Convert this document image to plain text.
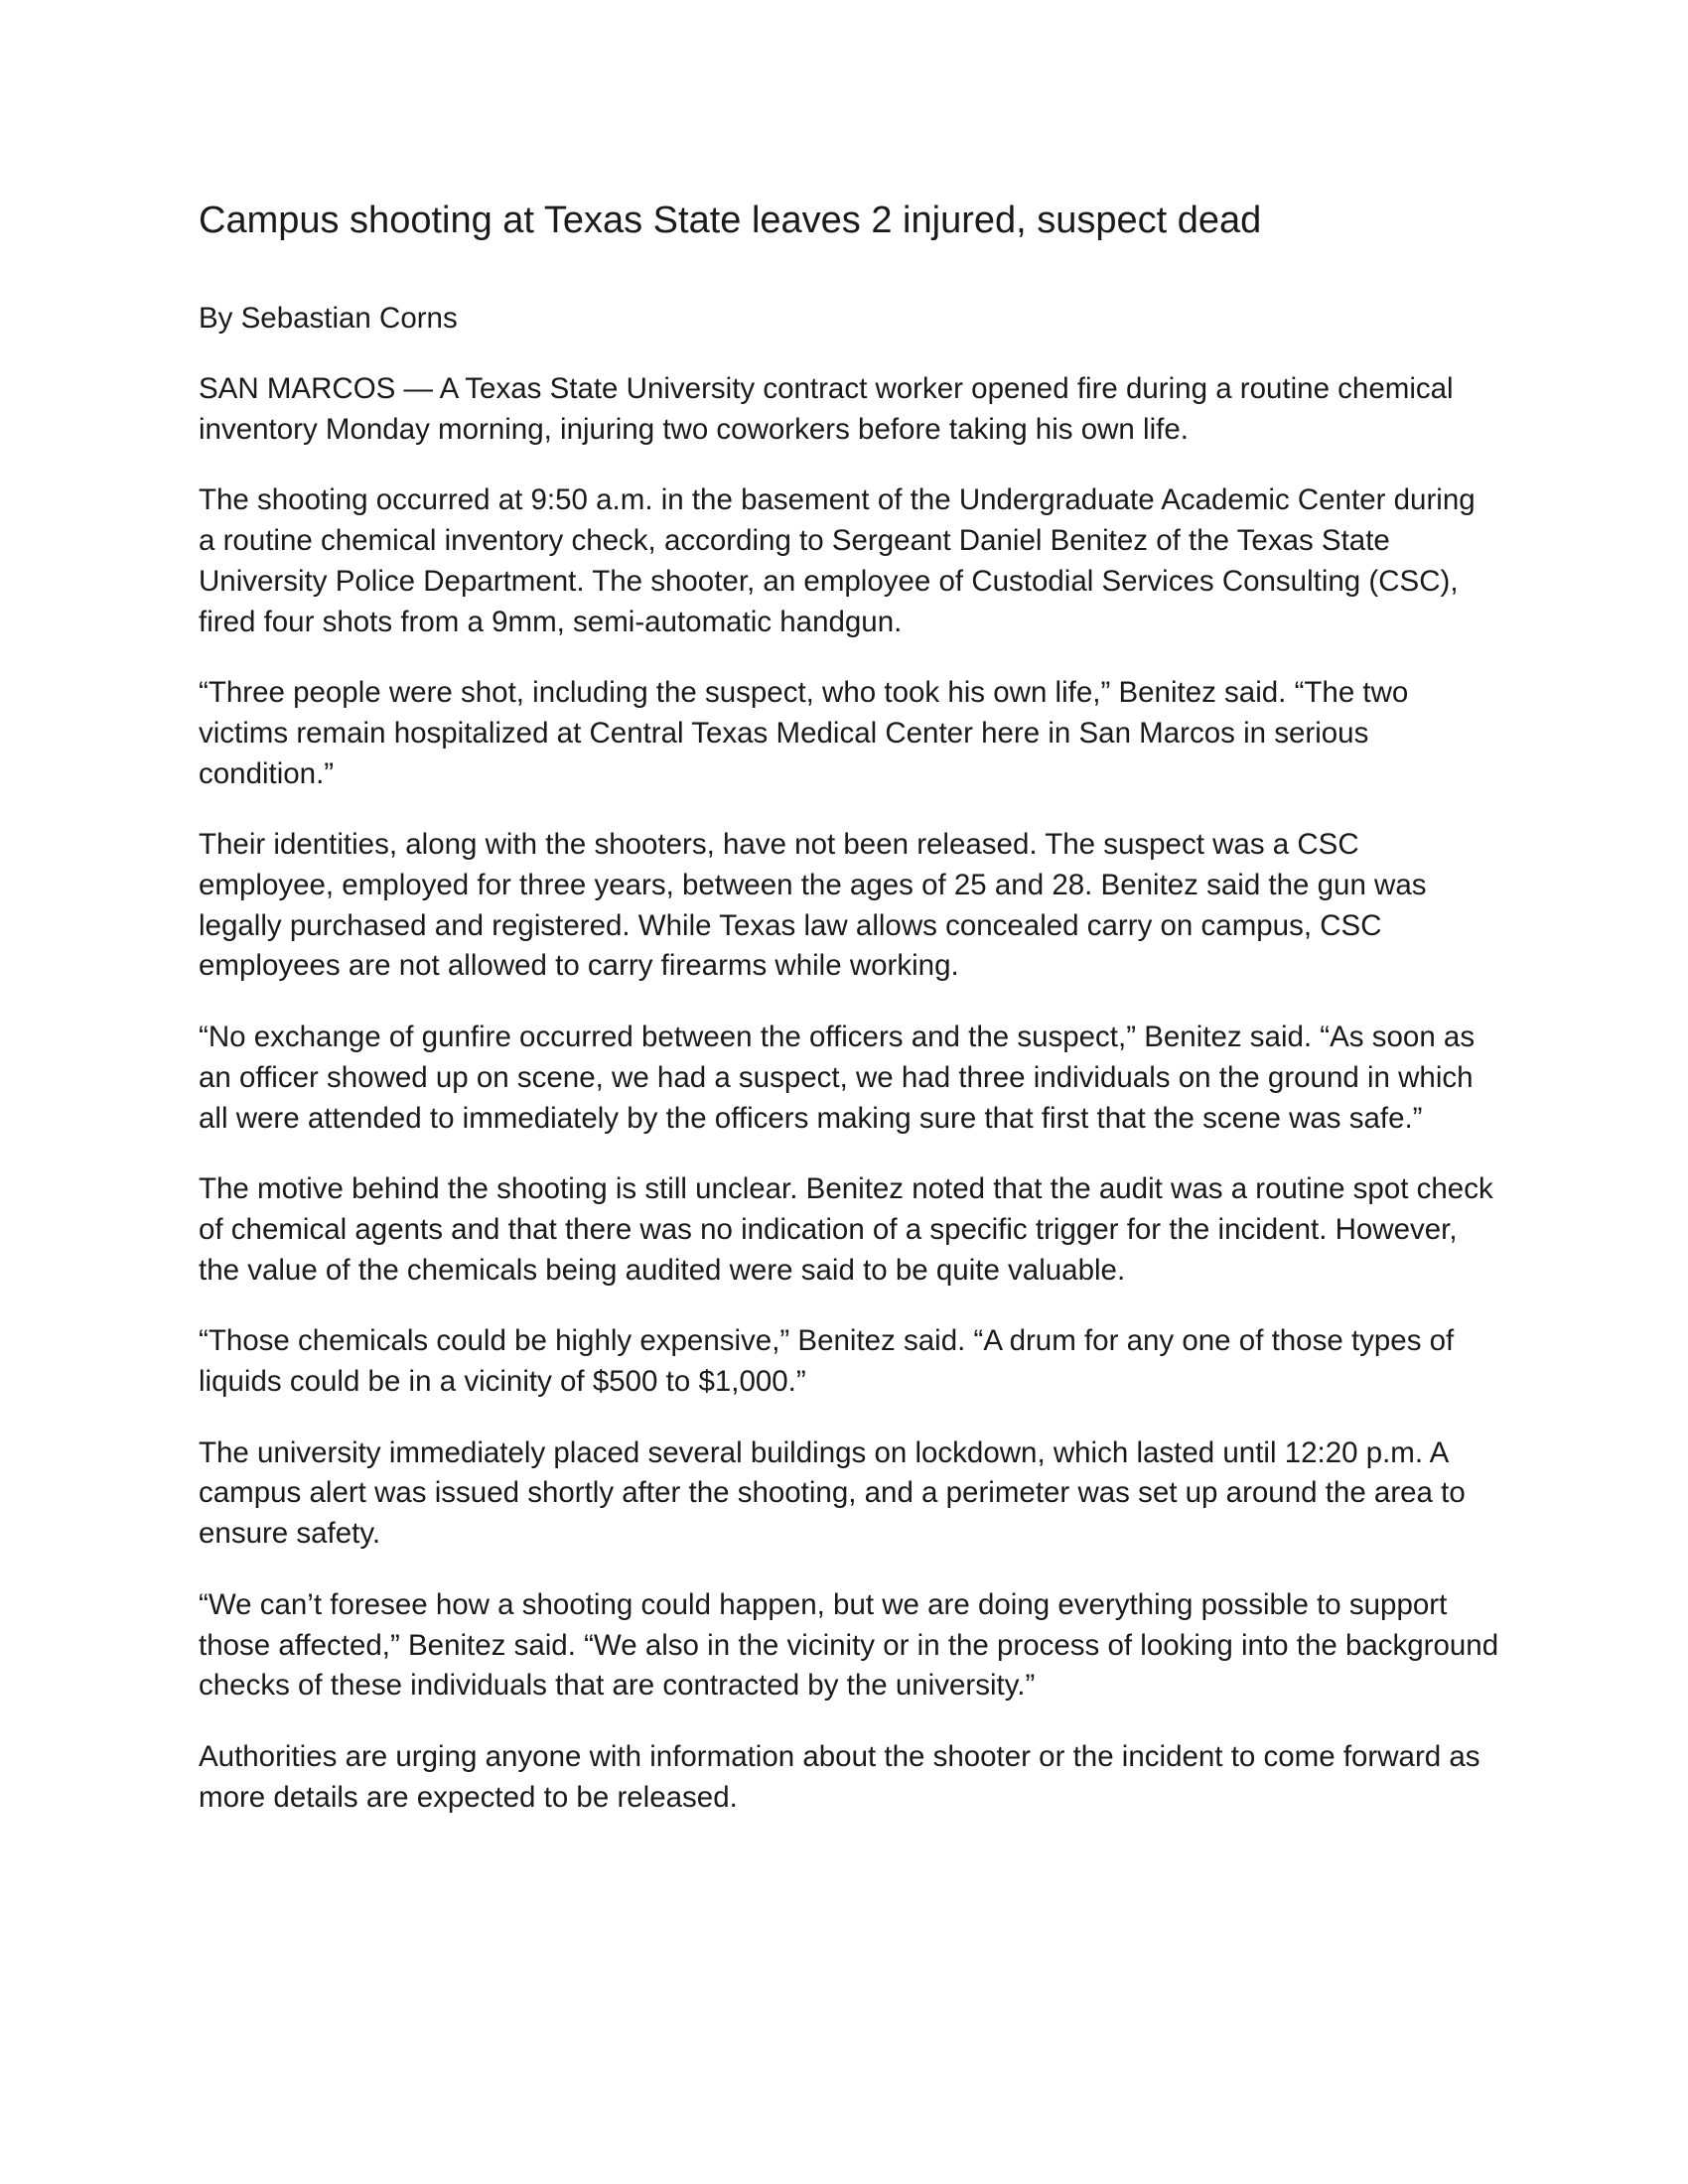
Campus shooting at Texas State leaves 2 injured, suspect dead

By Sebastian Corns

SAN MARCOS — A Texas State University contract worker opened fire during a routine chemical inventory Monday morning, injuring two coworkers before taking his own life.

The shooting occurred at 9:50 a.m. in the basement of the Undergraduate Academic Center during a routine chemical inventory check, according to Sergeant Daniel Benitez of the Texas State University Police Department. The shooter, an employee of Custodial Services Consulting (CSC), fired four shots from a 9mm, semi-automatic handgun.

“Three people were shot, including the suspect, who took his own life,” Benitez said. “The two victims remain hospitalized at Central Texas Medical Center here in San Marcos in serious condition.”

Their identities, along with the shooters, have not been released. The suspect was a CSC employee, employed for three years, between the ages of 25 and 28. Benitez said the gun was legally purchased and registered. While Texas law allows concealed carry on campus, CSC employees are not allowed to carry firearms while working.

“No exchange of gunfire occurred between the officers and the suspect,” Benitez said. “As soon as an officer showed up on scene, we had a suspect, we had three individuals on the ground in which all were attended to immediately by the officers making sure that first that the scene was safe.”

The motive behind the shooting is still unclear. Benitez noted that the audit was a routine spot check of chemical agents and that there was no indication of a specific trigger for the incident. However, the value of the chemicals being audited were said to be quite valuable.

“Those chemicals could be highly expensive,” Benitez said. “A drum for any one of those types of liquids could be in a vicinity of $500 to $1,000.”

The university immediately placed several buildings on lockdown, which lasted until 12:20 p.m. A campus alert was issued shortly after the shooting, and a perimeter was set up around the area to ensure safety.

“We can’t foresee how a shooting could happen, but we are doing everything possible to support those affected,” Benitez said. “We also in the vicinity or in the process of looking into the background checks of these individuals that are contracted by the university.”

Authorities are urging anyone with information about the shooter or the incident to come forward as more details are expected to be released.
